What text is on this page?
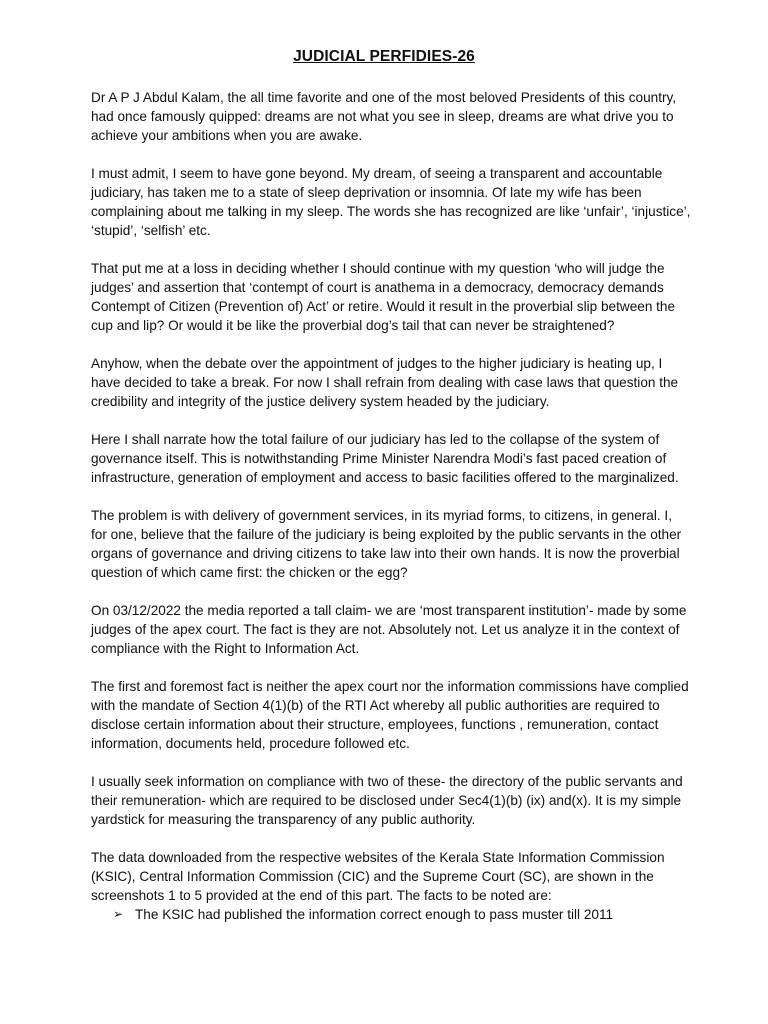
JUDICIAL PERFIDIES-26

Dr A P J Abdul Kalam, the all time favorite and one of the most beloved Presidents of this country, had once famously quipped: dreams are not what you see in sleep, dreams are what drive you to achieve your ambitions when you are awake.

I must admit, I seem to have gone beyond. My dream, of seeing a transparent and accountable judiciary, has taken me to a state of sleep deprivation or insomnia. Of late my wife has been complaining about me talking in my sleep. The words she has recognized are like ‘unfair’, ‘injustice’, ‘stupid’, ‘selfish’ etc.

That put me at a loss in deciding whether I should continue with my question ‘who will judge the judges’ and assertion that ‘contempt of court is anathema in a democracy, democracy demands Contempt of Citizen (Prevention of) Act’ or retire. Would it result in the proverbial slip between the cup and lip? Or would it be like the proverbial dog’s tail that can never be straightened?

Anyhow, when the debate over the appointment of judges to the higher judiciary is heating up, I have decided to take a break. For now I shall refrain from dealing with case laws that question the credibility and integrity of the justice delivery system headed by the judiciary.

Here I shall narrate how the total failure of our judiciary has led to the collapse of the system of governance itself. This is notwithstanding Prime Minister Narendra Modi’s fast paced creation of infrastructure, generation of employment and access to basic facilities offered to the marginalized.

The problem is with delivery of government services, in its myriad forms, to citizens, in general. I, for one, believe that the failure of the judiciary is being exploited by the public servants in the other organs of governance and driving citizens to take law into their own hands. It is now the proverbial question of which came first: the chicken or the egg?

On 03/12/2022 the media reported a tall claim- we are ‘most transparent institution’- made by some judges of the apex court. The fact is they are not. Absolutely not. Let us analyze it in the context of compliance with the Right to Information Act.

The first and foremost fact is neither the apex court nor the information commissions have complied with the mandate of Section 4(1)(b) of the RTI Act whereby all public authorities are required to disclose certain information about their structure, employees, functions , remuneration, contact information, documents held, procedure followed etc.

I usually seek information on compliance with two of these- the directory of the public servants and their remuneration- which are required to be disclosed under Sec4(1)(b) (ix) and(x). It is my simple yardstick for measuring the transparency of any public authority.

The data downloaded from the respective websites of the Kerala State Information Commission (KSIC), Central Information Commission (CIC) and the Supreme Court (SC), are shown in the screenshots 1 to 5 provided at the end of this part. The facts to be noted are:

➢ The KSIC had published the information correct enough to pass muster till 2011
